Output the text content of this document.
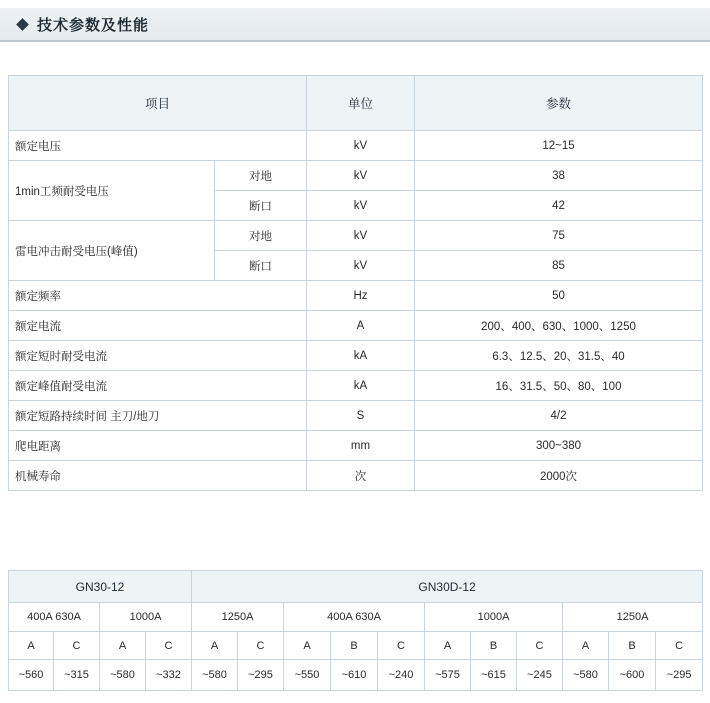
技术参数及性能
项目		单位	参数
额定电压		kV	12~15
1min工频耐受电压	对地	kV	38
	断口	kV	42
雷电冲击耐受电压(峰值)	对地	kV	75
	断口	kV	85
额定频率		Hz	50
额定电流		A	200、400、630、1000、1250
额定短时耐受电流		kA	6.3、12.5、20、31.5、40
额定峰值耐受电流		kA	16、31.5、50、80、100
额定短路持续时间 主刀/地刀		S	4/2
爬电距离		mm	300~380
机械寿命		次	2000次
GN30-12				GN30D-12										
400A 630A		1000A		1250A		400A 630A			1000A			1250A		
A	C	A	C	A	C	A	B	C	A	B	C	A	B	C
~560	~315	~580	~332	~580	~295	~550	~610	~240	~575	~615	~245	~580	~600	~295
